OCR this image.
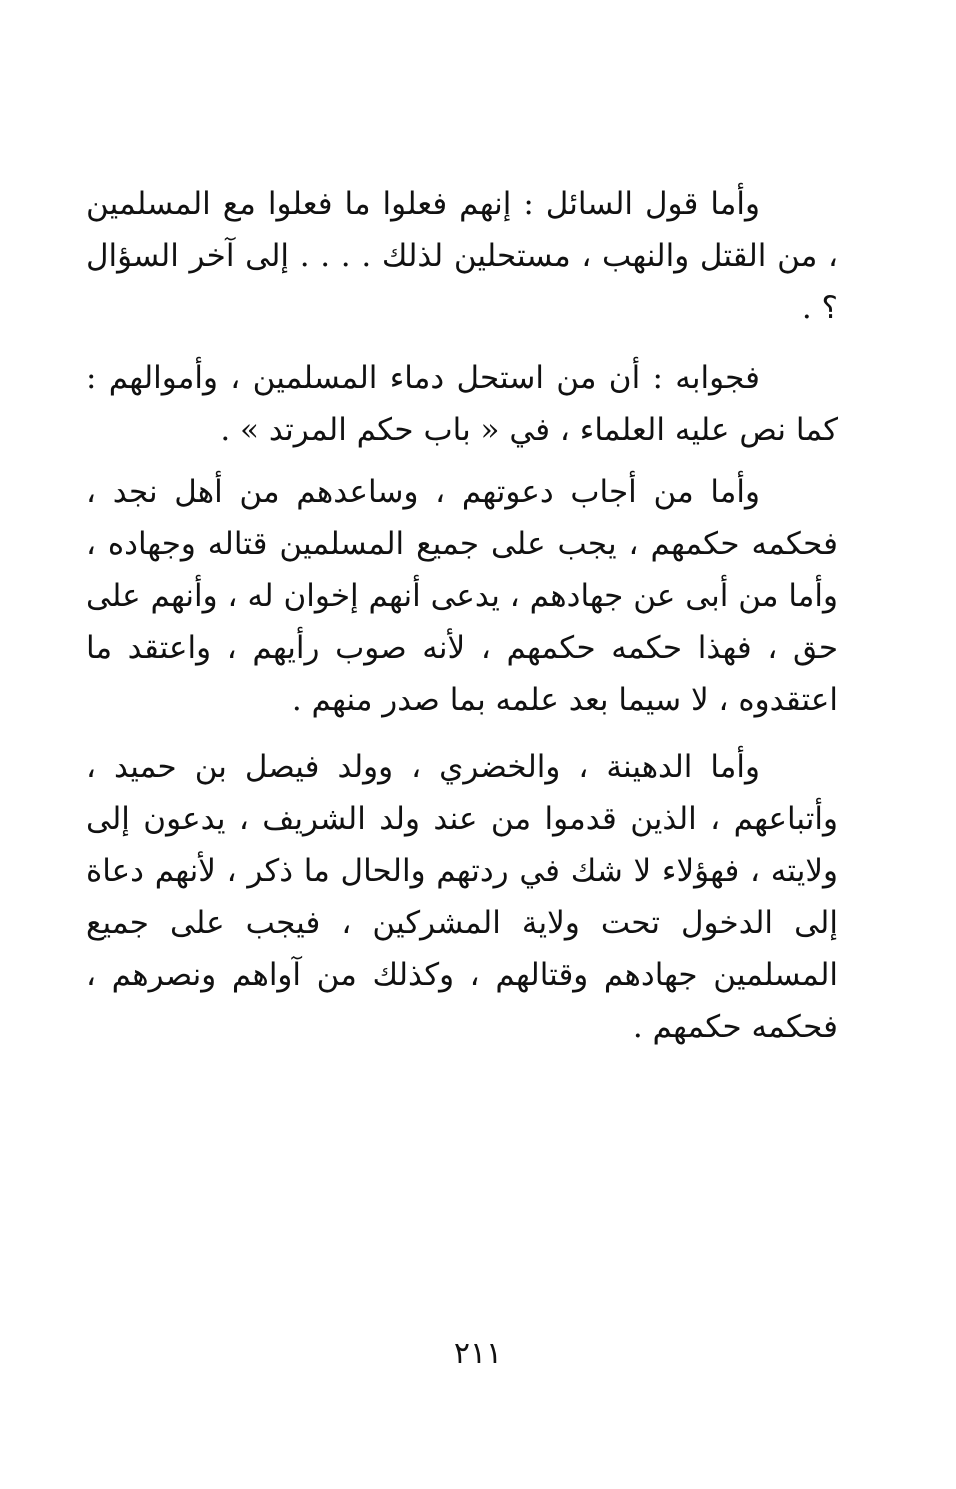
وأما قول السائل : إنهم فعلوا ما فعلوا مع المسلمين ، من القتل والنهب ، مستحلين لذلك . . . . إلى آخر السؤال ؟ .

فجوابه : أن من استحل دماء المسلمين ، وأموالهم : كما نص عليه العلماء ، في « باب حكم المرتد » .

وأما من أجاب دعوتهم ، وساعدهم من أهل نجد ، فحكمه حكمهم ، يجب على جميع المسلمين قتاله وجهاده ، وأما من أبى عن جهادهم ، يدعى أنهم إخوان له ، وأنهم على حق ، فهذا حكمه حكمهم ، لأنه صوب رأيهم ، واعتقد ما اعتقدوه ، لا سيما بعد علمه بما صدر منهم .

وأما الدهينة ، والخضري ، وولد فيصل بن حميد ، وأتباعهم ، الذين قدموا من عند ولد الشريف ، يدعون إلى ولايته ، فهؤلاء لا شك في ردتهم والحال ما ذكر ، لأنهم دعاة إلى الدخول تحت ولاية المشركين ، فيجب على جميع المسلمين جهادهم وقتالهم ، وكذلك من آواهم ونصرهم ، فحكمه حكمهم .

٢١١
